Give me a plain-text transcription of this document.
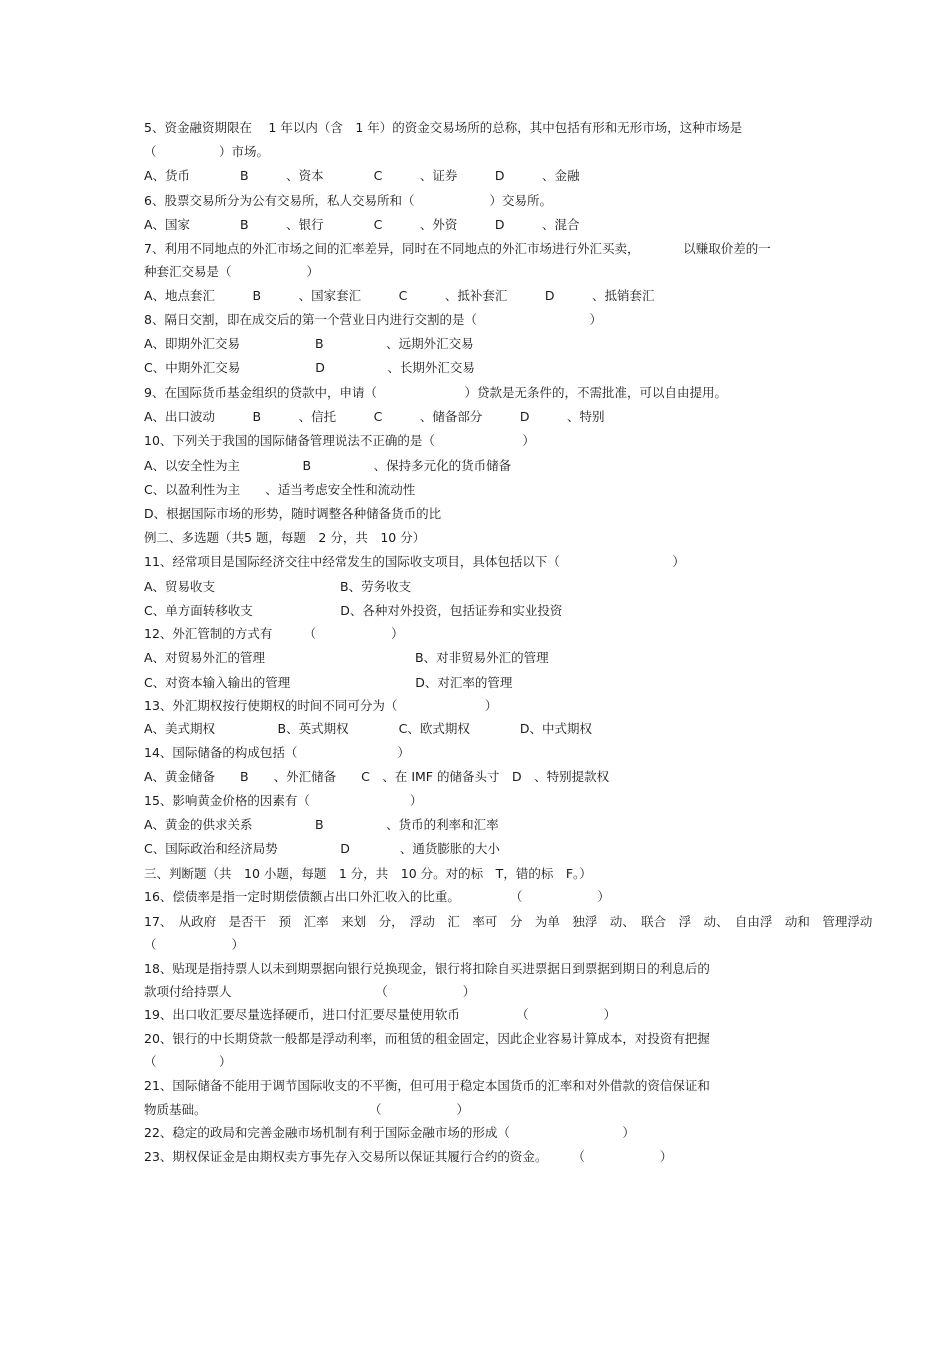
5、资金融资期限在　 1 年以内（含　1 年）的资金交易场所的总称，其中包括有形和无形市场，这种市场是
（　　　　　）市场。
A、货币　　　　B　　　、资本　　　　C　　　、证券　　　D　　　、金融
6、股票交易所分为公有交易所，私人交易所和（　　　　　　）交易所。
A、国家　　　　B　　　、银行　　　　C　　　、外资　　　D　　　、混合
7、利用不同地点的外汇市场之间的汇率差异，同时在不同地点的外汇市场进行外汇买卖，　　　　以赚取价差的一
种套汇交易是（　　　　　　）
A、地点套汇　　　B　　　、国家套汇　　　C　　　、抵补套汇　　　D　　　、抵销套汇
8、隔日交割，即在成交后的第一个营业日内进行交割的是（　　　　　　　　　）
A、即期外汇交易　　　　　　B　　　　　、远期外汇交易
C、中期外汇交易　　　　　　D　　　　　、长期外汇交易
9、在国际货币基金组织的贷款中，申请（　　　　　　　）贷款是无条件的，不需批准，可以自由提用。
A、出口波动　　　B　　　、信托　　　C　　　、储备部分　　　D　　　、特别
10、下列关于我国的国际储备管理说法不正确的是（　　　　　　　）
A、以安全性为主　　　　　B　　　　　、保持多元化的货币储备
C、以盈利性为主　　、适当考虑安全性和流动性
D、根据国际市场的形势，随时调整各种储备货币的比
例二、多选题（共5 题，每题　2 分，共　10 分）
11、经常项目是国际经济交往中经常发生的国际收支项目，具体包括以下（　　　　　　　　　）
A、贸易收支　　　　　　　　　　B、劳务收支
C、单方面转移收支　　　　　　　D、各种对外投资，包括证券和实业投资
12、外汇管制的方式有　　　（　　　　　　）
A、对贸易外汇的管理　　　　　　　　　　　　B、对非贸易外汇的管理
C、对资本输入输出的管理　　　　　　　　　　D、对汇率的管理
13、外汇期权按行使期权的时间不同可分为（　　　　　　　）
A、美式期权　　　　　B、英式期权　　　　C、欧式期权　　　　D、中式期权
14、国际储备的构成包括（　　　　　　　　）
A、黄金储备　　B　　、外汇储备　　C　、在 IMF 的储备头寸　D　、特别提款权
15、影响黄金价格的因素有（　　　　　　　　）
A、黄金的供求关系　　　　　B　　　　　、货币的利率和汇率
C、国际政治和经济局势　　　　　D　　　　、通货膨胀的大小
三、判断题（共　10 小题，每题　1 分，共　10 分。对的标　T，错的标　F。）
16、偿债率是指一定时期偿债额占出口外汇收入的比重。　　　　　（　　　　　　）
17、　从政府　是否干　预　汇率　来划　分，　浮动　汇　率可　分　为单　独浮　动、　联合　浮　动、　自由浮　动和　管理浮动
（　　　　　　）
18、贴现是指持票人以未到期票据向银行兑换现金，银行将扣除自买进票据日到票据到期日的利息后的
款项付给持票人　　　　　　　　　　　　（　　　　　　）
19、出口收汇要尽量选择硬币，进口付汇要尽量使用软币　　　　　（　　　　　　）
20、银行的中长期贷款一般都是浮动利率，而租赁的租金固定，因此企业容易计算成本，对投资有把握
（　　　　　）
21、国际储备不能用于调节国际收支的不平衡，但可用于稳定本国货币的汇率和对外借款的资信保证和
物质基础。　　　　　　　　　　　　　　（　　　　　　）
22、稳定的政局和完善金融市场机制有利于国际金融市场的形成（　　　　　　　　　）
23、期权保证金是由期权卖方事先存入交易所以保证其履行合约的资金。　　　（　　　　　　）
